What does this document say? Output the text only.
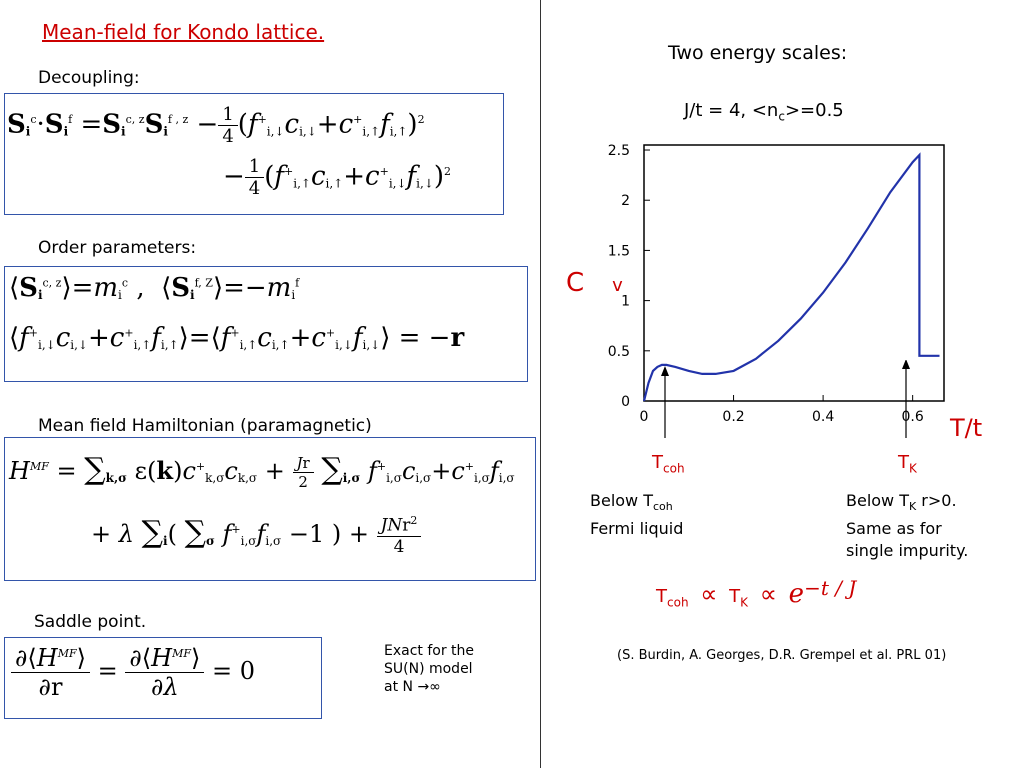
Mean-field for Kondo lattice.
Decoupling:
$S_i^c\cdot S_i^f =S_i^{c, z}S_i^{f , z} - \frac{1}{4} (f^+_{i,↓}c_{i,↓}+c^+_{i,↑}f_{i,↑})^2$
− $\frac{1}{4} (f^+_{i,↑}c_{i,↑}+c^+_{i,↓}f_{i,↓})^2$
Order parameters:
$⟨S_i^{c, z}⟩=m_i^c$ ,  $⟨S_i^{f, Z}⟩=-m_i^f$
$⟨f^+_{i,↓}c_{i,↓}+c^+_{i,↑}f_{i,↑}⟩=⟨f^+_{i,↑}c_{i,↑}+c^+_{i,↓}f_{i,↓}⟩ = -r$
Mean field Hamiltonian (paramagnetic)
$H^{MF} = \sum_{k,\sigma}$ $\varepsilon(k)c^+_{k,\sigma}c_{k,\sigma} + \frac{Jr}{2} \sum_{i,\sigma}$ $f^+_{i,\sigma}c_{i,\sigma}+c^+_{i,\sigma}f_{i,\sigma}$
+ λ $\sum_i$( $\sum_\sigma$ $f^+_{i,\sigma}f_{i,\sigma} -1$ ) + $\frac{JNr^2}{4}$
Saddle point.
$\frac{\partial⟨H^{MF}⟩}{\partial r} = \frac{\partial⟨H^{MF}⟩}{\partial\lambda} = 0$
Exact for the
SU(N) model
at N →∞
Two energy scales:
J/t = 4, $<n_c>=0.5$
0
0.5
1
1.5
2
2.5
0	0.2	0.4	0.6
C v
T/t
$T_{coh}$	$T_K$
Below $T_{coh}$
Fermi liquid
Below $T_K$ r>0.
Same as for
single impurity.
$T_{coh} \propto T_K \propto e^{-t / J}$
(S. Burdin, A. Georges, D.R. Grempel et al. PRL 01)
